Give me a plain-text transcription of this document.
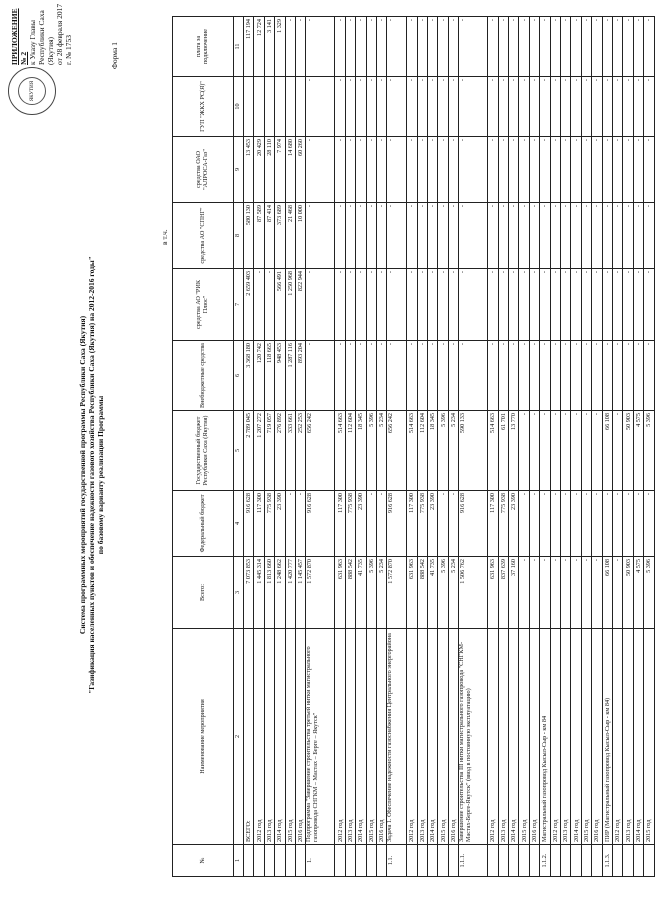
ЯКУТИЯ
ПРИЛОЖЕНИЕ № 2 к Указу Главы Республики Саха (Якутия) от 28 февраля 2017 г. № 1753
Система программных мероприятий государственной программы Республики Саха (Якутия) "Газификация населенных пунктов и обеспечение надежности газового хозяйства Республики Саха (Якутия) на 2012-2016 годы" по базовому варианту реализации Программы
Форма 1
в т.ч.
№	Наименование мероприятия	Всего:	Федеральный бюджет	Государственный бюджет Республики Саха (Якутия)	Внебюджетные средства	средства АО "РИК Плюс"	средства АО "СПНГ"	средства ОАО "АЛРОСА-Газ"	ГУП "ЖКХ РС(Я)"	плата за подключение
1	2	3	4	5	6	7	8	9	10	11
	ВСЕГО:	7 073 853	916 628	2 789 045	3 368 180	2 659 403	580 130	13 453		117 194
	2012 год	1 445 314	117 300	1 207 272	120 742	-	87 589	20 429		12 724
	2013 год	1 813 660	775 938	719 057	118 665	-	87 414	28 110		3 141
	2014 год	1 248 662	23 390	276 892	948 453	566 491	373 689	7 974		1 329
	2015 год	1 420 777	-	333 661	1 287 116	1 250 968	21 468	14 680		-
	2016 год	1 145 457	-	252 253	893 204	822 944	10 000	60 260		-
1.	Подпрограмма "Завершение строительства третьей нитки магистрального газопровода СНГКМ – Мастах – Берге – Якутск"	1 572 870	916 628	656 242	-	-	-	-	-	-
	2012 год	631 963	117 300	514 663	-	-	-	-	-	-
	2013 год	888 542	775 938	112 604	-	-	-	-	-	-
	2014 год	41 735	23 390	18 345	-	-	-	-	-	-
	2015 год	5 396	-	5 396	-	-	-	-	-	-
	2016 год	5 234	-	5 234	-	-	-	-	-	-
1.1.	Задача 1. Обеспечение надежности газоснабжения Центрального энергорайона	1 572 870	916 628	656 242	-	-	-	-	-	-
	2012 год	631 963	117 300	514 663	-	-	-	-	-	-
	2013 год	888 542	775 938	112 604	-	-	-	-	-	-
	2014 год	41 735	23 390	18 345	-	-	-	-	-	-
	2015 год	5 396	-	5 396	-	-	-	-	-	-
	2016 год	5 234	-	5 234	-	-	-	-	-	-
1.1.1.	Завершение строительства III нитки магистрального газопровода "СНГКМ-Мастах-Берге-Якутск" (ввод в постоянную эксплуатацию)	1 506 762	916 628	590 133	-	-	-	-	-	-
	2012 год	631 963	117 300	514 663	-	-	-	-	-	-
	2013 год	837 639	775 938	61 701	-	-	-	-	-	-
	2014 год	37 160	23 390	13 770	-	-	-	-	-	-
	2015 год	-	-	-	-	-	-	-	-	-
	2016 год	-	-	-	-	-	-	-	-	-
1.1.2.	Магистральный газопровод Кысыл-Сыр - км 84	-	-	-	-	-	-	-	-	-
	2012 год	-	-	-	-	-	-	-	-	-
	2013 год	-	-	-	-	-	-	-	-	-
	2014 год	-	-	-	-	-	-	-	-	-
	2015 год	-	-	-	-	-	-	-	-	-
	2016 год	-	-	-	-	-	-	-	-	-
1.1.3.	ПИР (Магистральный газопровод Кысыл-Сыр - км 84)	66 108	-	66 108	-	-	-	-	-	-
	2012 год	-	-	-	-	-	-	-	-	-
	2013 год	50 903	-	50 903	-	-	-	-	-	-
	2014 год	4 575	-	4 575	-	-	-	-	-	-
	2015 год	5 396	-	5 396	-	-	-	-	-	-
